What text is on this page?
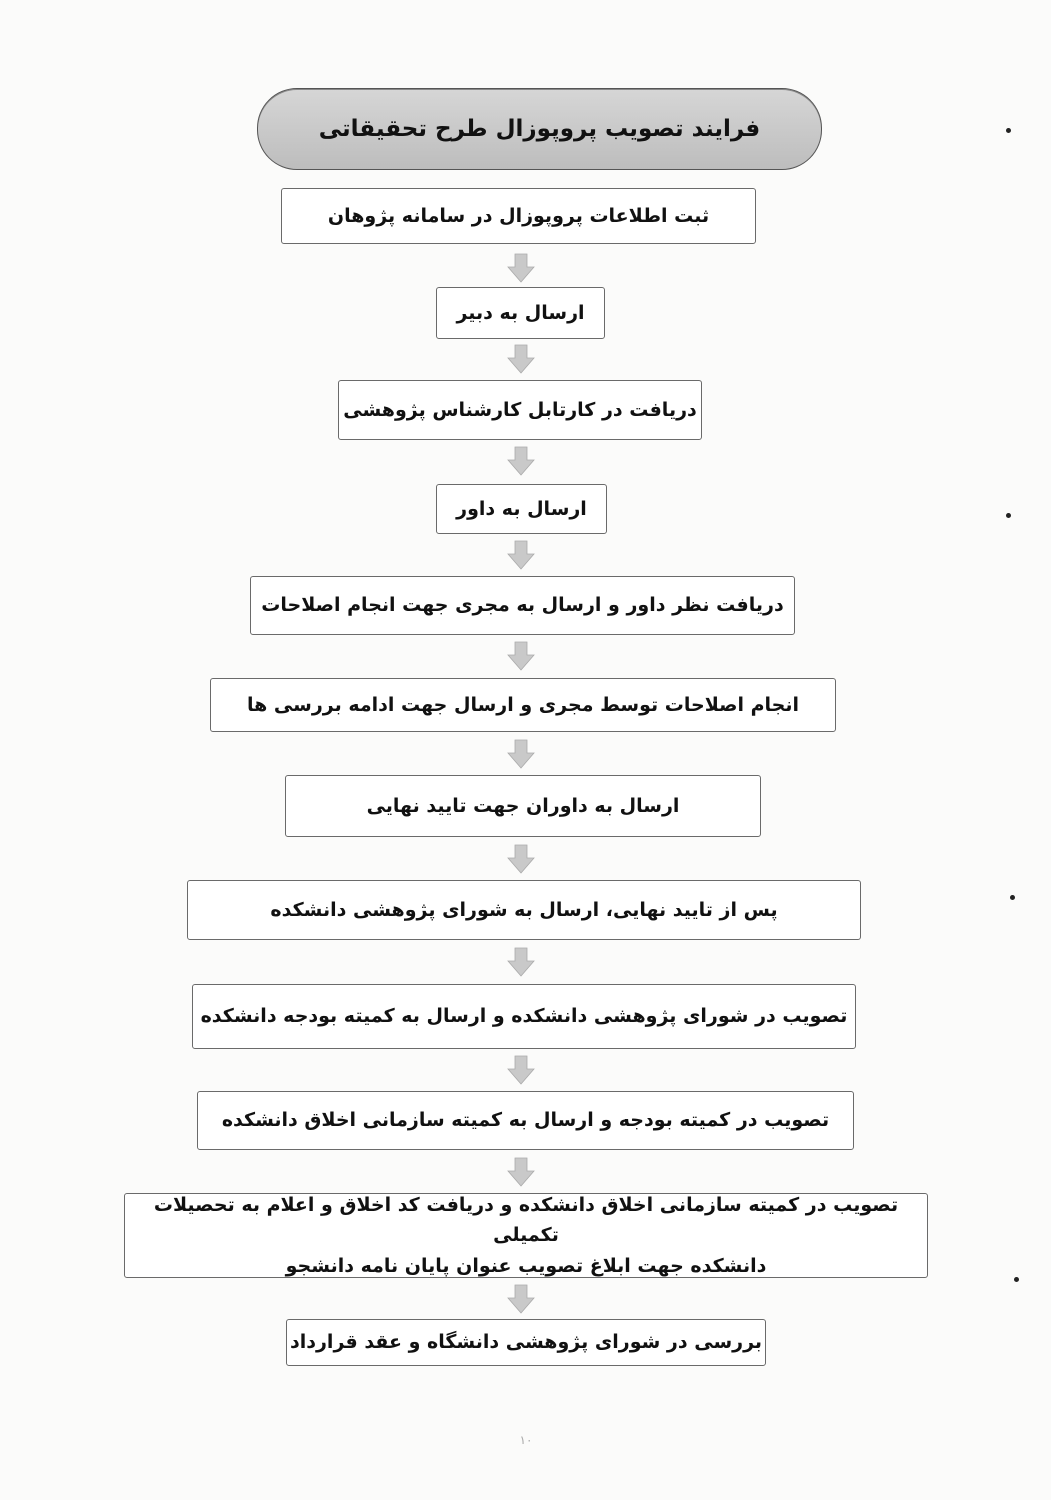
فرایند تصویب پروپوزال طرح تحقیقاتی
ثبت اطلاعات پروپوزال در سامانه پژوهان
ارسال به دبیر
دریافت در کارتابل کارشناس پژوهشی
ارسال به داور
دریافت نظر داور و ارسال به مجری جهت انجام اصلاحات
انجام اصلاحات توسط مجری و ارسال جهت ادامه بررسی ها
ارسال به داوران جهت تایید نهایی
پس از تایید نهایی، ارسال به شورای پژوهشی دانشکده
تصویب در شورای پژوهشی دانشکده و ارسال به کمیته بودجه دانشکده
تصویب در کمیته بودجه و ارسال به کمیته سازمانی اخلاق دانشکده
تصویب در کمیته سازمانی اخلاق دانشکده و دریافت کد اخلاق و اعلام به تحصیلات تکمیلی
دانشکده جهت ابلاغ تصویب عنوان پایان نامه دانشجو
بررسی در شورای پژوهشی دانشگاه و عقد قرارداد
۱۰
